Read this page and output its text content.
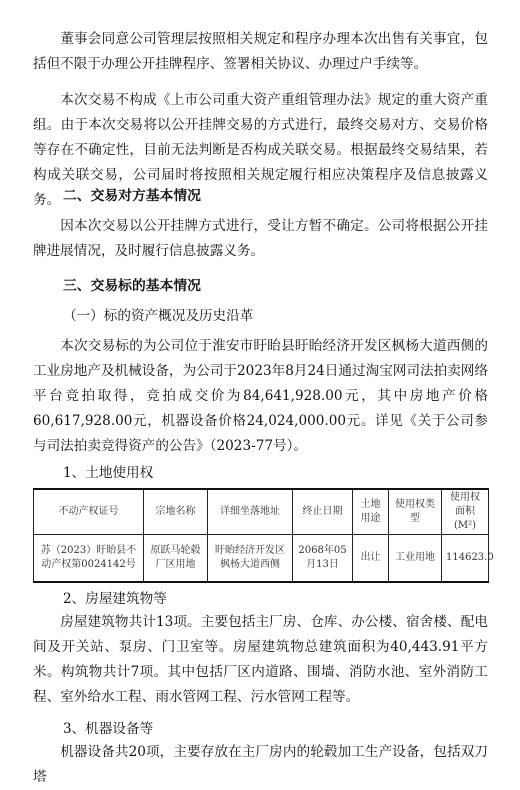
董事会同意公司管理层按照相关规定和程序办理本次出售有关事宜，包括但不限于办理公开挂牌程序、签署相关协议、办理过户手续等。

本次交易不构成《上市公司重大资产重组管理办法》规定的重大资产重组。由于本次交易将以公开挂牌交易的方式进行，最终交易对方、交易价格等存在不确定性，目前无法判断是否构成关联交易。根据最终交易结果，若构成关联交易，公司届时将按照相关规定履行相应决策程序及信息披露义务。 二、交易对方基本情况

因本次交易以公开挂牌方式进行，受让方暂不确定。公司将根据公开挂牌进展情况，及时履行信息披露义务。

三、交易标的基本情况
（一）标的资产概况及历史沿革

本次交易标的为公司位于淮安市盱眙县盱眙经济开发区枫杨大道西侧的工业房地产及机械设备，为公司于2023年8月24日通过淘宝网司法拍卖网络平台竞拍取得，竞拍成交价为84,641,928.00元，其中房地产价格60,617,928.00元，机器设备价格24,024,000.00元。详见《关于公司参与司法拍卖竞得资产的公告》（2023-77号）。

1、土地使用权
不动产权证号	宗地名称	详细坐落地址	终止日期	土地用途	使用权类型	使用权面积(M²)
苏（2023）盱眙县不动产权第0024142号	原跃马轮毂厂区用地	盱眙经济开发区枫杨大道西侧	2068年05月13日	出让	工业用地	114623.0
2、房屋建筑物等

房屋建筑物共计13项。主要包括主厂房、仓库、办公楼、宿舍楼、配电间及开关站、泵房、门卫室等。房屋建筑物总建筑面积为40,443.91平方米。构筑物共计7项。其中包括厂区内道路、围墙、消防水池、室外消防工程、室外给水工程、雨水管网工程、污水管网工程等。

3、机器设备等

机器设备共20项，主要存放在主厂房内的轮毂加工生产设备，包括双刀塔
